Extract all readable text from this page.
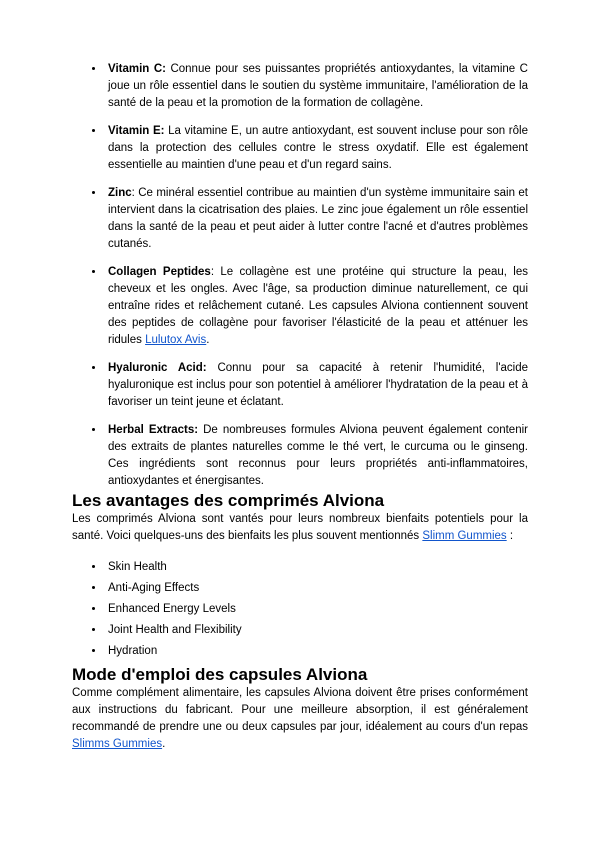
• Vitamin C: Connue pour ses puissantes propriétés antioxydantes, la vitamine C joue un rôle essentiel dans le soutien du système immunitaire, l'amélioration de la santé de la peau et la promotion de la formation de collagène.
• Vitamin E: La vitamine E, un autre antioxydant, est souvent incluse pour son rôle dans la protection des cellules contre le stress oxydatif. Elle est également essentielle au maintien d'une peau et d'un regard sains.
• Zinc: Ce minéral essentiel contribue au maintien d'un système immunitaire sain et intervient dans la cicatrisation des plaies. Le zinc joue également un rôle essentiel dans la santé de la peau et peut aider à lutter contre l'acné et d'autres problèmes cutanés.
• Collagen Peptides: Le collagène est une protéine qui structure la peau, les cheveux et les ongles. Avec l'âge, sa production diminue naturellement, ce qui entraîne rides et relâchement cutané. Les capsules Alviona contiennent souvent des peptides de collagène pour favoriser l'élasticité de la peau et atténuer les ridules Lulutox Avis.
• Hyaluronic Acid: Connu pour sa capacité à retenir l'humidité, l'acide hyaluronique est inclus pour son potentiel à améliorer l'hydratation de la peau et à favoriser un teint jeune et éclatant.
• Herbal Extracts: De nombreuses formules Alviona peuvent également contenir des extraits de plantes naturelles comme le thé vert, le curcuma ou le ginseng. Ces ingrédients sont reconnus pour leurs propriétés anti-inflammatoires, antioxydantes et énergisantes.
Les avantages des comprimés Alviona

Les comprimés Alviona sont vantés pour leurs nombreux bienfaits potentiels pour la santé. Voici quelques-uns des bienfaits les plus souvent mentionnés Slimm Gummies :

• Skin Health
• Anti-Aging Effects
• Enhanced Energy Levels
• Joint Health and Flexibility
• Hydration
Mode d'emploi des capsules Alviona

Comme complément alimentaire, les capsules Alviona doivent être prises conformément aux instructions du fabricant. Pour une meilleure absorption, il est généralement recommandé de prendre une ou deux capsules par jour, idéalement au cours d'un repas Slimms Gummies.
